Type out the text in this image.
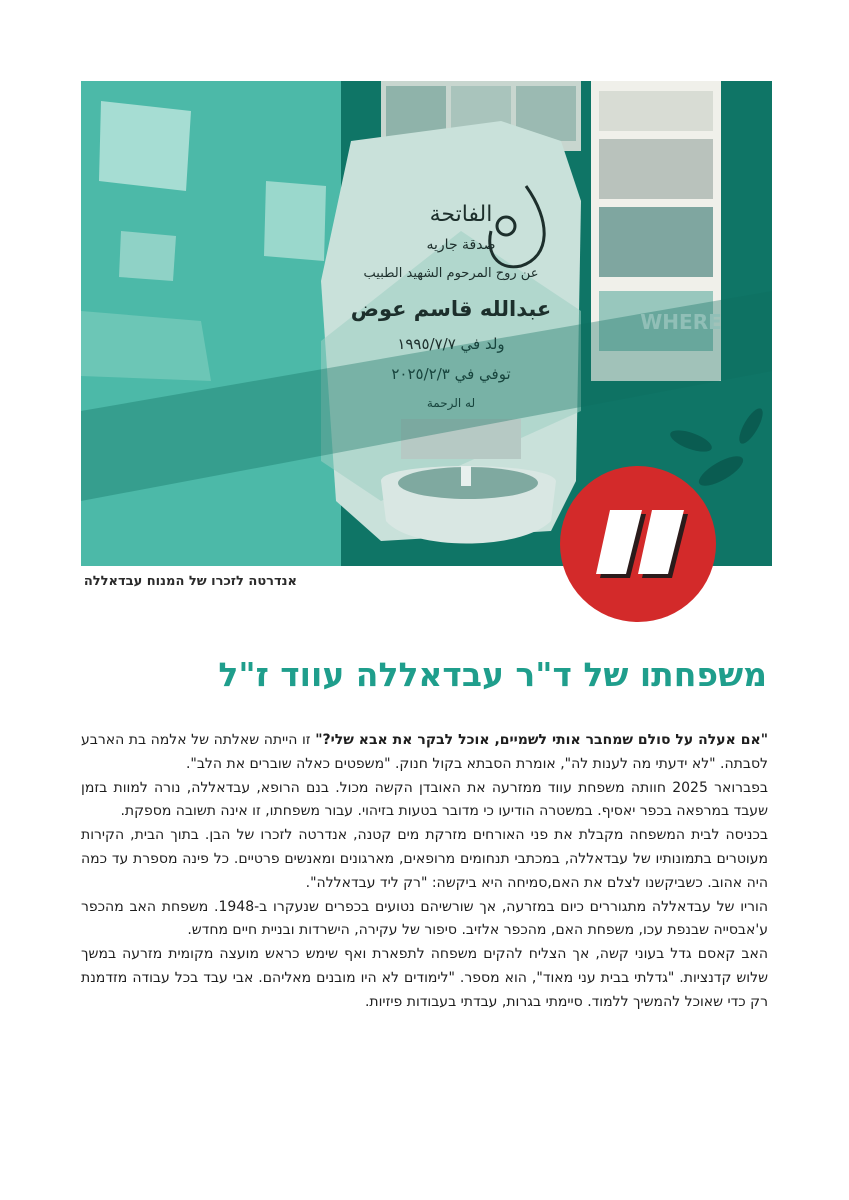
WHERE
الفاتحة
صدقة جاريه
عن روح المرحوم الشهيد الطبيب
عبدالله قاسم عوض
ولد في ١٩٩٥/٧/٧
توفي في ٢٠٢٥/٢/٣
له الرحمة
אנדרטה לזכרו של המנוח עבדאללה
משפחתו של ד"ר עבדאללה עווד ז"ל

"אם אעלה על סולם שמחבר אותי לשמיים, אוכל לבקר את אבא שלי?" זו הייתה שאלתה של אלמה בת הארבע לסבתה. "לא ידעתי מה לענות לה", אומרת הסבתא בקול חנוק. "משפטים כאלה שוברים את הלב".

בפברואר 2025 חוותה משפחת עווד ממזרעה את האובדן הקשה מכול. בנם הרופא, עבדאללה, נורה למוות בזמן שעבד במרפאה בכפר יאסיף. במשטרה הודיעו כי מדובר בטעות בזיהוי. עבור משפחתו, זו אינה תשובה מספקת.

בכניסה לבית המשפחה מקבלת את פני האורחים מזרקת מים קטנה, אנדרטה לזכרו של הבן. בתוך הבית, הקירות מעוטרים בתמונותיו של עבדאללה, במכתבי תנחומים מרופאים, מארגונים ומאנשים פרטיים. כל פינה מספרת עד כמה היה אהוב. כשביקשנו לצלם את האם,סמיחה היא ביקשה: "רק ליד עבדאללה".

הוריו של עבדאללה מתגוררים כיום במזרעה, אך שורשיהם נטועים בכפרים שנעקרו ב-1948. משפחת האב מהכפר ע'אבסייה שבנפת עכו, משפחת האם, מהכפר אלזיב. סיפור של עקירה, הישרדות ובניית חיים מחדש.

האב קאסם גדל בעוני קשה, אך הצליח להקים משפחה לתפארת ואף שימש כראש מועצה מקומית מזרעה במשך שלוש קדנציות. "גדלתי בבית עני מאוד", הוא מספר. "לימודים לא היו מובנים מאליהם. אבי עבד בכל עבודה מזדמנת רק כדי שאוכל להמשיך ללמוד. סיימתי בגרות, עבדתי בעבודות פיזיות.
